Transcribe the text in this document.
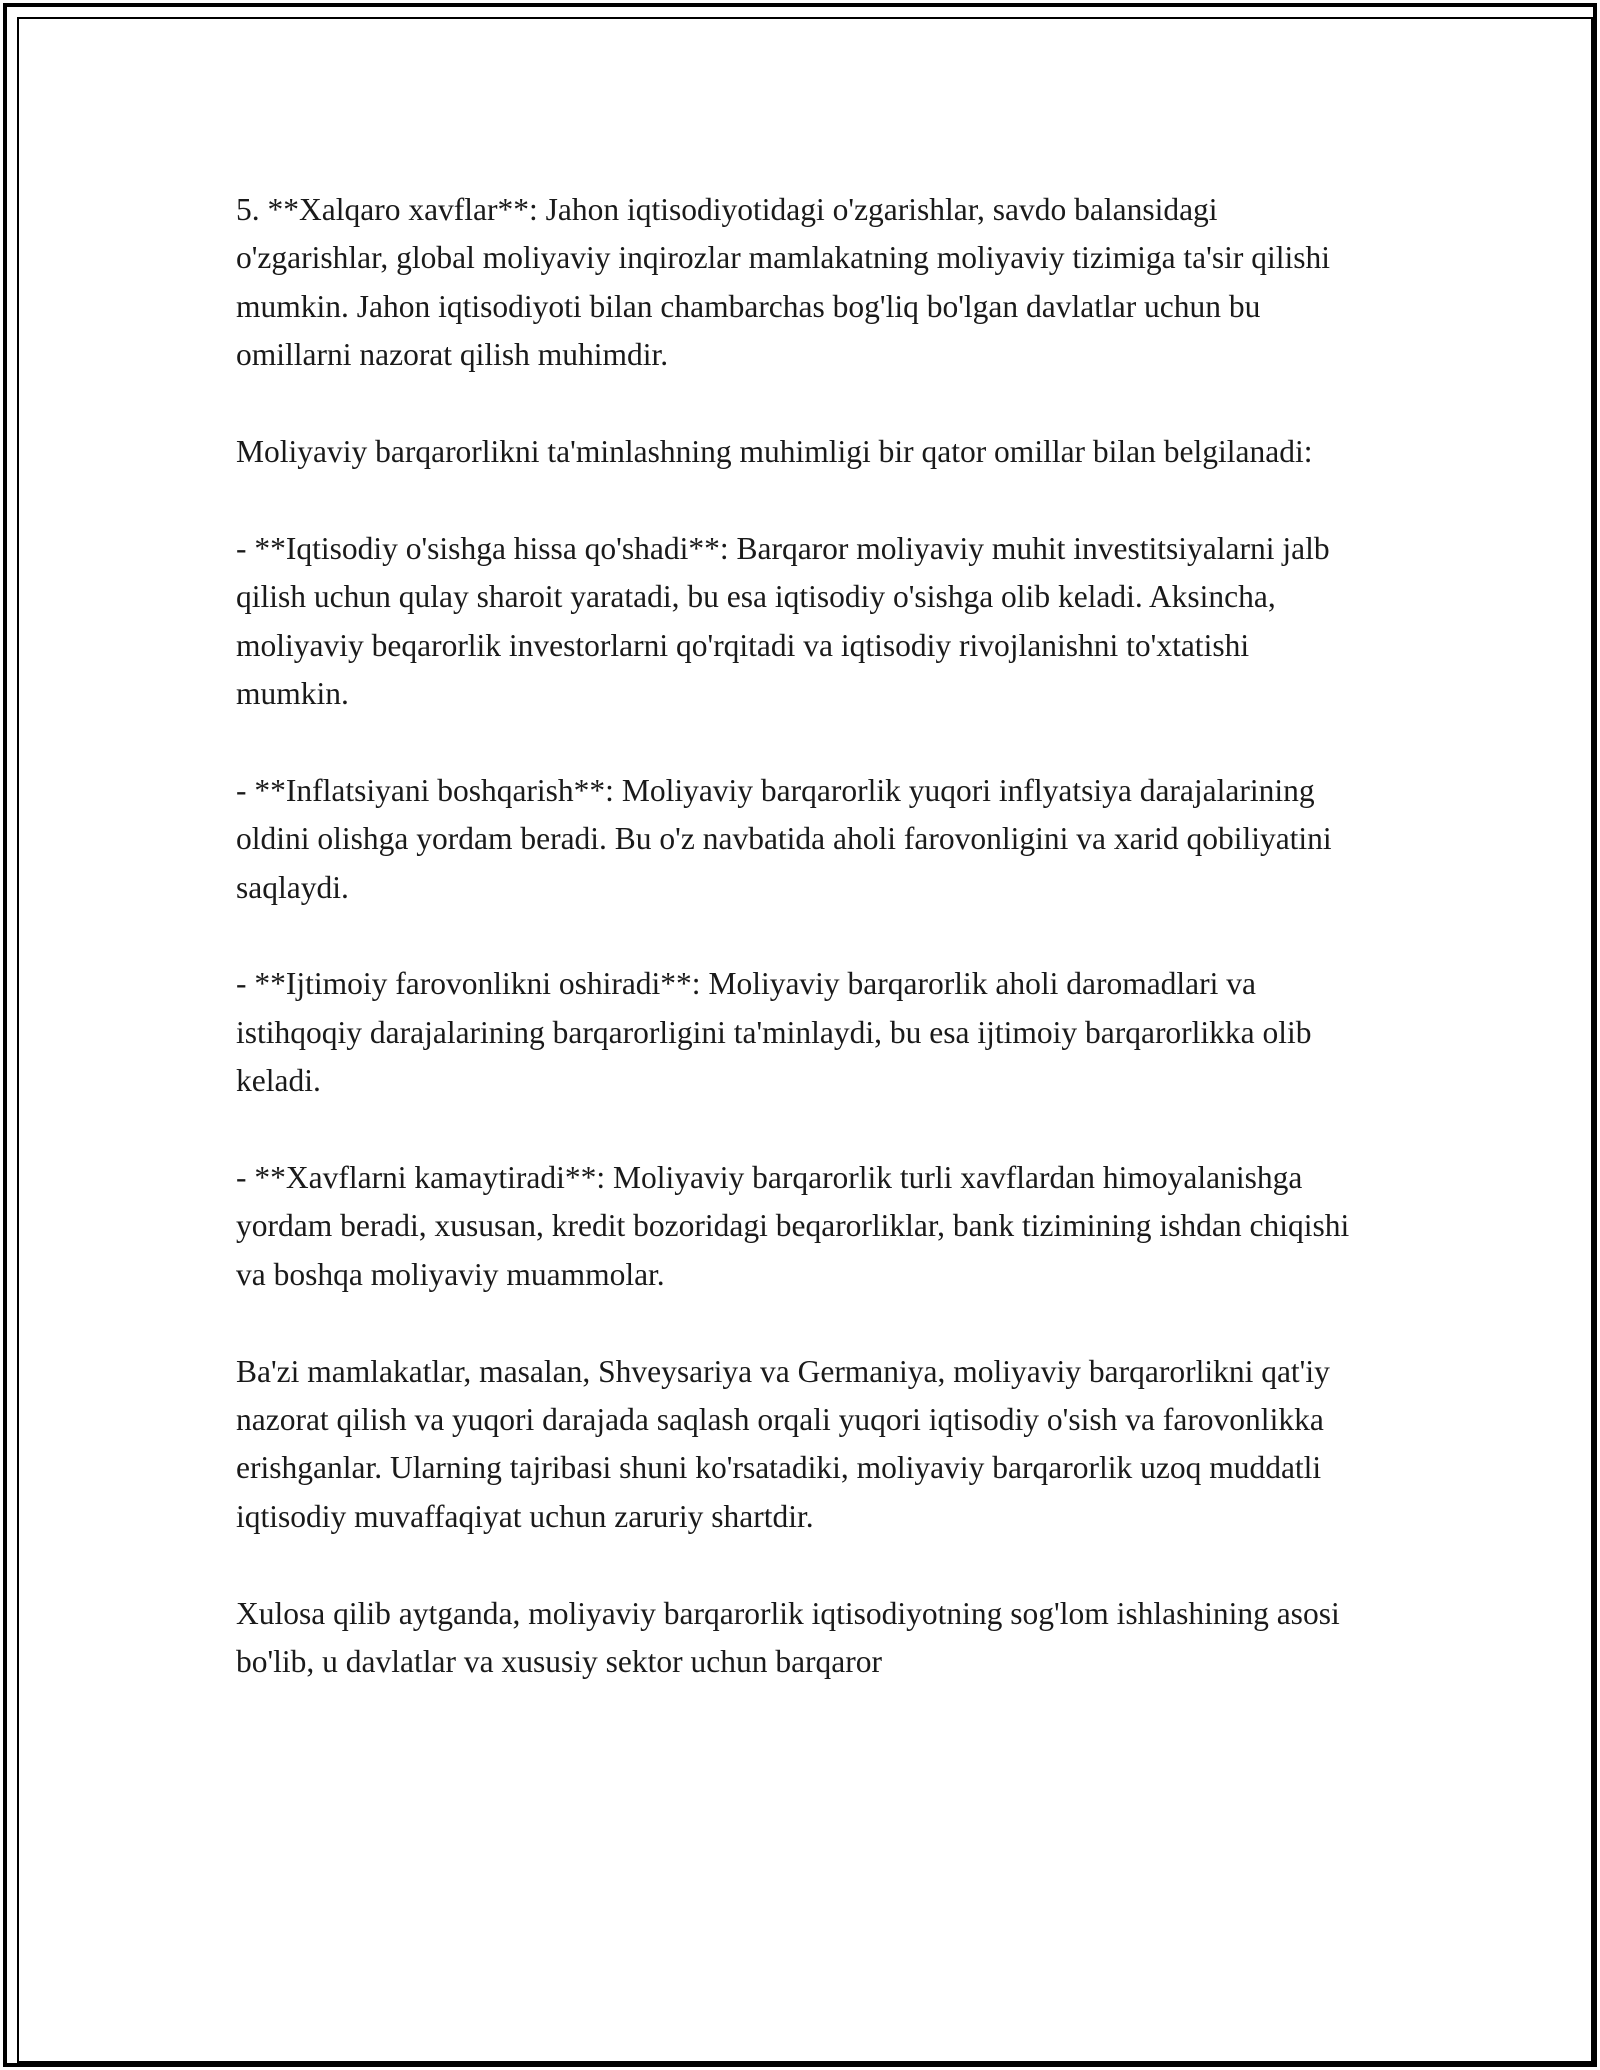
5. **Xalqaro xavflar**: Jahon iqtisodiyotidagi o'zgarishlar, savdo balansidagi o'zgarishlar, global moliyaviy inqirozlar mamlakatning moliyaviy tizimiga ta'sir qilishi mumkin. Jahon iqtisodiyoti bilan chambarchas bog'liq bo'lgan davlatlar uchun bu omillarni nazorat qilish muhimdir.

Moliyaviy barqarorlikni ta'minlashning muhimligi bir qator omillar bilan belgilanadi:

- **Iqtisodiy o'sishga hissa qo'shadi**: Barqaror moliyaviy muhit investitsiyalarni jalb qilish uchun qulay sharoit yaratadi, bu esa iqtisodiy o'sishga olib keladi. Aksincha, moliyaviy beqarorlik investorlarni qo'rqitadi va iqtisodiy rivojlanishni to'xtatishi mumkin.

- **Inflatsiyani boshqarish**: Moliyaviy barqarorlik yuqori inflyatsiya darajalarining oldini olishga yordam beradi. Bu o'z navbatida aholi farovonligini va xarid qobiliyatini saqlaydi.

- **Ijtimoiy farovonlikni oshiradi**: Moliyaviy barqarorlik aholi daromadlari va istihqoqiy darajalarining barqarorligini ta'minlaydi, bu esa ijtimoiy barqarorlikka olib keladi.

- **Xavflarni kamaytiradi**: Moliyaviy barqarorlik turli xavflardan himoyalanishga yordam beradi, xususan, kredit bozoridagi beqarorliklar, bank tizimining ishdan chiqishi va boshqa moliyaviy muammolar.

Ba'zi mamlakatlar, masalan, Shveysariya va Germaniya, moliyaviy barqarorlikni qat'iy nazorat qilish va yuqori darajada saqlash orqali yuqori iqtisodiy o'sish va farovonlikka erishganlar. Ularning tajribasi shuni ko'rsatadiki, moliyaviy barqarorlik uzoq muddatli iqtisodiy muvaffaqiyat uchun zaruriy shartdir.

Xulosa qilib aytganda, moliyaviy barqarorlik iqtisodiyotning sog'lom ishlashining asosi bo'lib, u davlatlar va xususiy sektor uchun barqaror
